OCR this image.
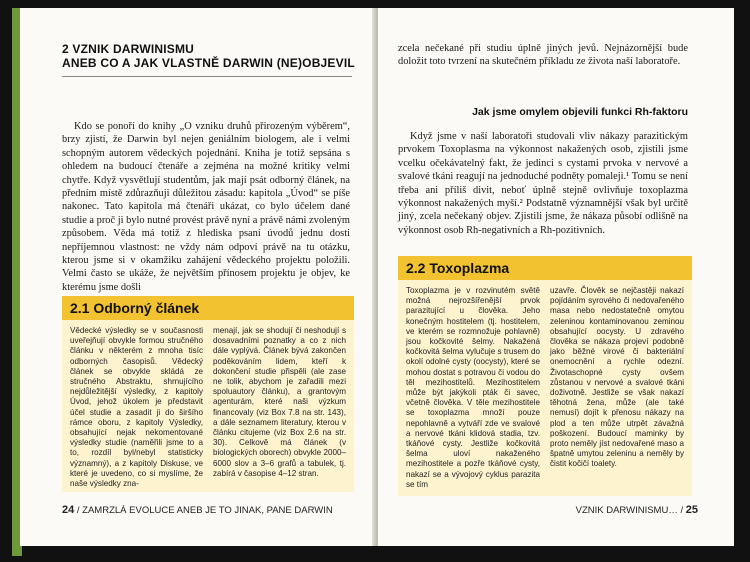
2 VZNIK DARWINISMU
ANEB CO A JAK VLASTNĚ DARWIN (NE)OBJEVIL
Kdo se ponoří do knihy „O vzniku druhů přirozeným výběrem“, brzy zjistí, že Darwin byl nejen geniálním biologem, ale i velmi schopným autorem vědeckých pojednání. Kniha je totiž sepsána s ohledem na budoucí čtenáře a zejména na možné kritiky velmi chytře. Když vysvětlují studentům, jak mají psát odborný článek, na předním místě zdůrazňuji důležitou zásadu: kapitola „Úvod“ se píše nakonec. Tato kapitola má čtenáři ukázat, co bylo účelem dané studie a proč ji bylo nutné provést právě nyní a právě námi zvoleným způsobem. Věda má totiž z hlediska psaní úvodů jednu dosti nepříjemnou vlastnost: ne vždy nám odpoví právě na tu otázku, kterou jsme si v okamžiku zahájení vědeckého projektu položili. Velmi často se ukáže, že největším přínosem projektu je objev, ke kterému jsme došli
2.1 Odborný článek
Vědecké výsledky se v současnosti uveřejňují obvykle formou stručného článku v některém z mnoha tisíc odborných časopisů. Vědecký článek se obvykle skládá ze stručného Abstraktu, shrnujícího nejdůležitější výsledky, z kapitoly Úvod, jehož úkolem je představit účel studie a zasadit ji do širšího rámce oboru, z kapitoly Výsledky, obsahující nejak nekomentované výsledky studie (naměřili jsme to a to, rozdíl byl/nebyl statisticky významný), a z kapitoly Diskuse, ve které je uvedeno, co si myslíme, že naše výsledky zna-
menají, jak se shodují či neshodují s dosavadními poznatky a co z nich dále vyplývá. Článek bývá zakončen poděkováním lidem, kteří k dokončení studie přispěli (ale zase ne tolik, abychom je zařadili mezi spoluautory článku), a grantovým agenturám, které naši výzkum financovaly (viz Box 7.8 na str. 143), a dále seznamem literatury, kterou v článku citujeme (viz Box 2.6 na str. 30). Celkově má článek (v biologických oborech) obvykle 2000–6000 slov a 3–6 grafů a tabulek, tj. zabírá v časopise 4–12 stran.
24 / ZAMRZLÁ EVOLUCE ANEB JE TO JINAK, PANE DARWIN
zcela nečekané při studiu úplně jiných jevů. Nejnázornější bude doložit toto tvrzení na skutečném příkladu ze života naší laboratoře.
Jak jsme omylem objevili funkci Rh-faktoru
Když jsme v naší laboratoři studovali vliv nákazy parazitickým prvokem Toxoplasma na výkonnost nakažených osob, zjistili jsme vcelku očekávatelný fakt, že jedinci s cystami prvoka v nervové a svalové tkáni reagují na jednoduché podněty pomaleji.¹ Tomu se není třeba ani příliš divit, neboť úplně stejně ovlivňuje toxoplazma výkonnost nakažených myší.² Podstatně významnější však byl určitě jiný, zcela nečekaný objev. Zjistili jsme, že nákaza působí odlišně na výkonnost osob Rh-negativních a Rh-pozitivních.
2.2 Toxoplazma
Toxoplazma je v rozvinutém světě možná nejrozšířenější prvok parazitující u člověka. Jeho konečným hostitelem (tj. hostitelem, ve kterém se rozmnožuje pohlavně) jsou kočkovité šelmy. Nakažená kočkovitá šelma vylučuje s trusem do okolí odolné cysty (oocysty), které se mohou dostat s potravou či vodou do těl mezihostitelů. Mezihostitelem může být jakýkoli pták či savec, včetně člověka. V těle mezihostitele se toxoplazma množí pouze nepohlavně a vytváří zde ve svalové a nervové tkáni klidová stadia, tzv. tkáňové cysty. Jestliže kočkovitá šelma uloví nakaženého mezihostitele a pozře tkáňové cysty, nakazí se a vývojový cyklus parazita se tím
uzavře. Člověk se nejčastěji nakazí pojídáním syrového či nedovařeného masa nebo nedostatečně omytou zeleninou kontaminovanou zeminou obsahující oocysty. U zdravého člověka se nákaza projeví podobně jako běžné virové či bakteriální onemocnění a rychle odezní. Životaschopné cysty ovšem zůstanou v nervové a svalové tkáni doživotně. Jestliže se však nakazí těhotná žena, může (ale také nemusí) dojít k přenosu nákazy na plod a ten může utrpět závažná poškození. Budoucí maminky by proto neměly jíst nedovařené maso a špatně umytou zeleninu a neměly by čistit kočičí toalety.
VZNIK DARWINISMU… / 25
